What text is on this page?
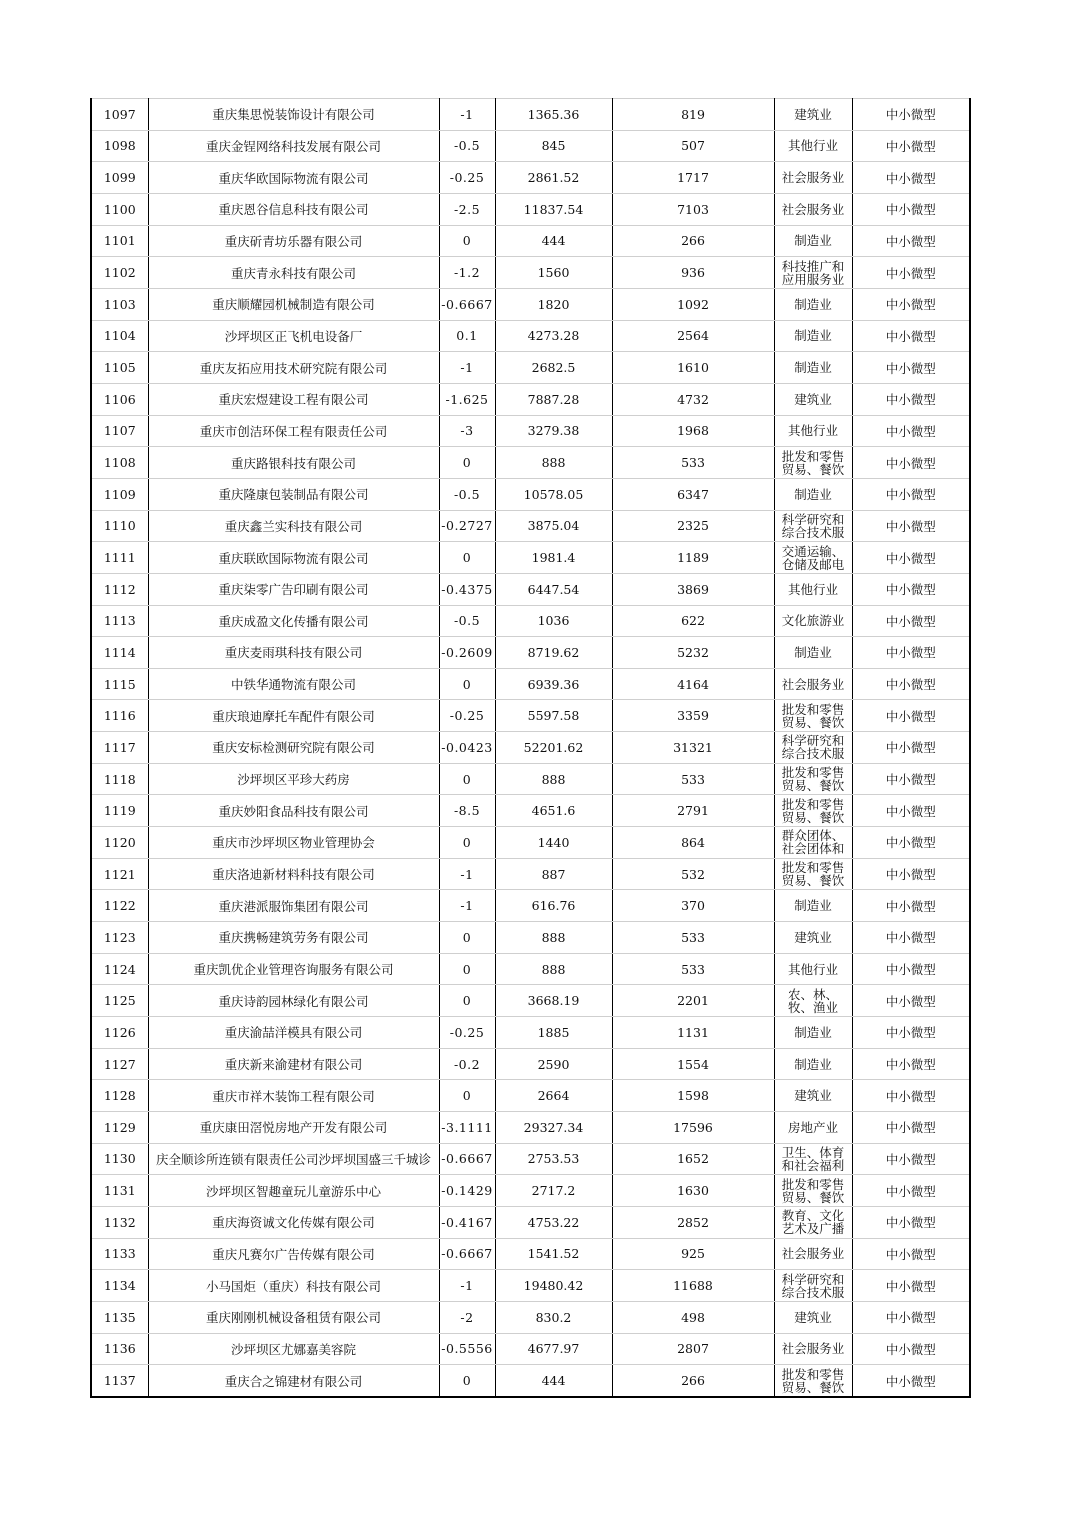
1097	重庆集思悦装饰设计有限公司	-1	1365.36	819	建筑业	中小微型
1098	重庆金锃网络科技发展有限公司	-0.5	845	507	其他行业	中小微型
1099	重庆华欧国际物流有限公司	-0.25	2861.52	1717	社会服务业	中小微型
1100	重庆恩谷信息科技有限公司	-2.5	11837.54	7103	社会服务业	中小微型
1101	重庆斫青坊乐器有限公司	0	444	266	制造业	中小微型
1102	重庆青永科技有限公司	-1.2	1560	936	科技推广和应用服务业	中小微型
1103	重庆顺耀园机械制造有限公司	-0.6667	1820	1092	制造业	中小微型
1104	沙坪坝区正飞机电设备厂	0.1	4273.28	2564	制造业	中小微型
1105	重庆友拓应用技术研究院有限公司	-1	2682.5	1610	制造业	中小微型
1106	重庆宏煜建设工程有限公司	-1.625	7887.28	4732	建筑业	中小微型
1107	重庆市创洁环保工程有限责任公司	-3	3279.38	1968	其他行业	中小微型
1108	重庆路银科技有限公司	0	888	533	批发和零售贸易、餐饮	中小微型
1109	重庆隆康包装制品有限公司	-0.5	10578.05	6347	制造业	中小微型
1110	重庆鑫兰实科技有限公司	-0.2727	3875.04	2325	科学研究和综合技术服	中小微型
1111	重庆联欧国际物流有限公司	0	1981.4	1189	交通运输、仓储及邮电	中小微型
1112	重庆柒零广告印刷有限公司	-0.4375	6447.54	3869	其他行业	中小微型
1113	重庆成盈文化传播有限公司	-0.5	1036	622	文化旅游业	中小微型
1114	重庆麦雨琪科技有限公司	-0.2609	8719.62	5232	制造业	中小微型
1115	中铁华通物流有限公司	0	6939.36	4164	社会服务业	中小微型
1116	重庆琅迪摩托车配件有限公司	-0.25	5597.58	3359	批发和零售贸易、餐饮	中小微型
1117	重庆安标检测研究院有限公司	-0.0423	52201.62	31321	科学研究和综合技术服	中小微型
1118	沙坪坝区平珍大药房	0	888	533	批发和零售贸易、餐饮	中小微型
1119	重庆妙阳食品科技有限公司	-8.5	4651.6	2791	批发和零售贸易、餐饮	中小微型
1120	重庆市沙坪坝区物业管理协会	0	1440	864	群众团体、社会团体和	中小微型
1121	重庆洛迪新材料科技有限公司	-1	887	532	批发和零售贸易、餐饮	中小微型
1122	重庆港派服饰集团有限公司	-1	616.76	370	制造业	中小微型
1123	重庆携畅建筑劳务有限公司	0	888	533	建筑业	中小微型
1124	重庆凯优企业管理咨询服务有限公司	0	888	533	其他行业	中小微型
1125	重庆诗韵园林绿化有限公司	0	3668.19	2201	农、林、牧、渔业	中小微型
1126	重庆渝喆洋模具有限公司	-0.25	1885	1131	制造业	中小微型
1127	重庆新来渝建材有限公司	-0.2	2590	1554	制造业	中小微型
1128	重庆市祥木装饰工程有限公司	0	2664	1598	建筑业	中小微型
1129	重庆康田滘悦房地产开发有限公司	-3.1111	29327.34	17596	房地产业	中小微型
1130	庆全顺诊所连锁有限责任公司沙坪坝国盛三千城诊	-0.6667	2753.53	1652	卫生、体育和社会福利	中小微型
1131	沙坪坝区智趣童玩儿童游乐中心	-0.1429	2717.2	1630	批发和零售贸易、餐饮	中小微型
1132	重庆海资诚文化传媒有限公司	-0.4167	4753.22	2852	教育、文化艺术及广播	中小微型
1133	重庆凡赛尔广告传媒有限公司	-0.6667	1541.52	925	社会服务业	中小微型
1134	小马国炬（重庆）科技有限公司	-1	19480.42	11688	科学研究和综合技术服	中小微型
1135	重庆刚刚机械设备租赁有限公司	-2	830.2	498	建筑业	中小微型
1136	沙坪坝区尤娜嘉美容院	-0.5556	4677.97	2807	社会服务业	中小微型
1137	重庆合之锦建材有限公司	0	444	266	批发和零售贸易、餐饮	中小微型
